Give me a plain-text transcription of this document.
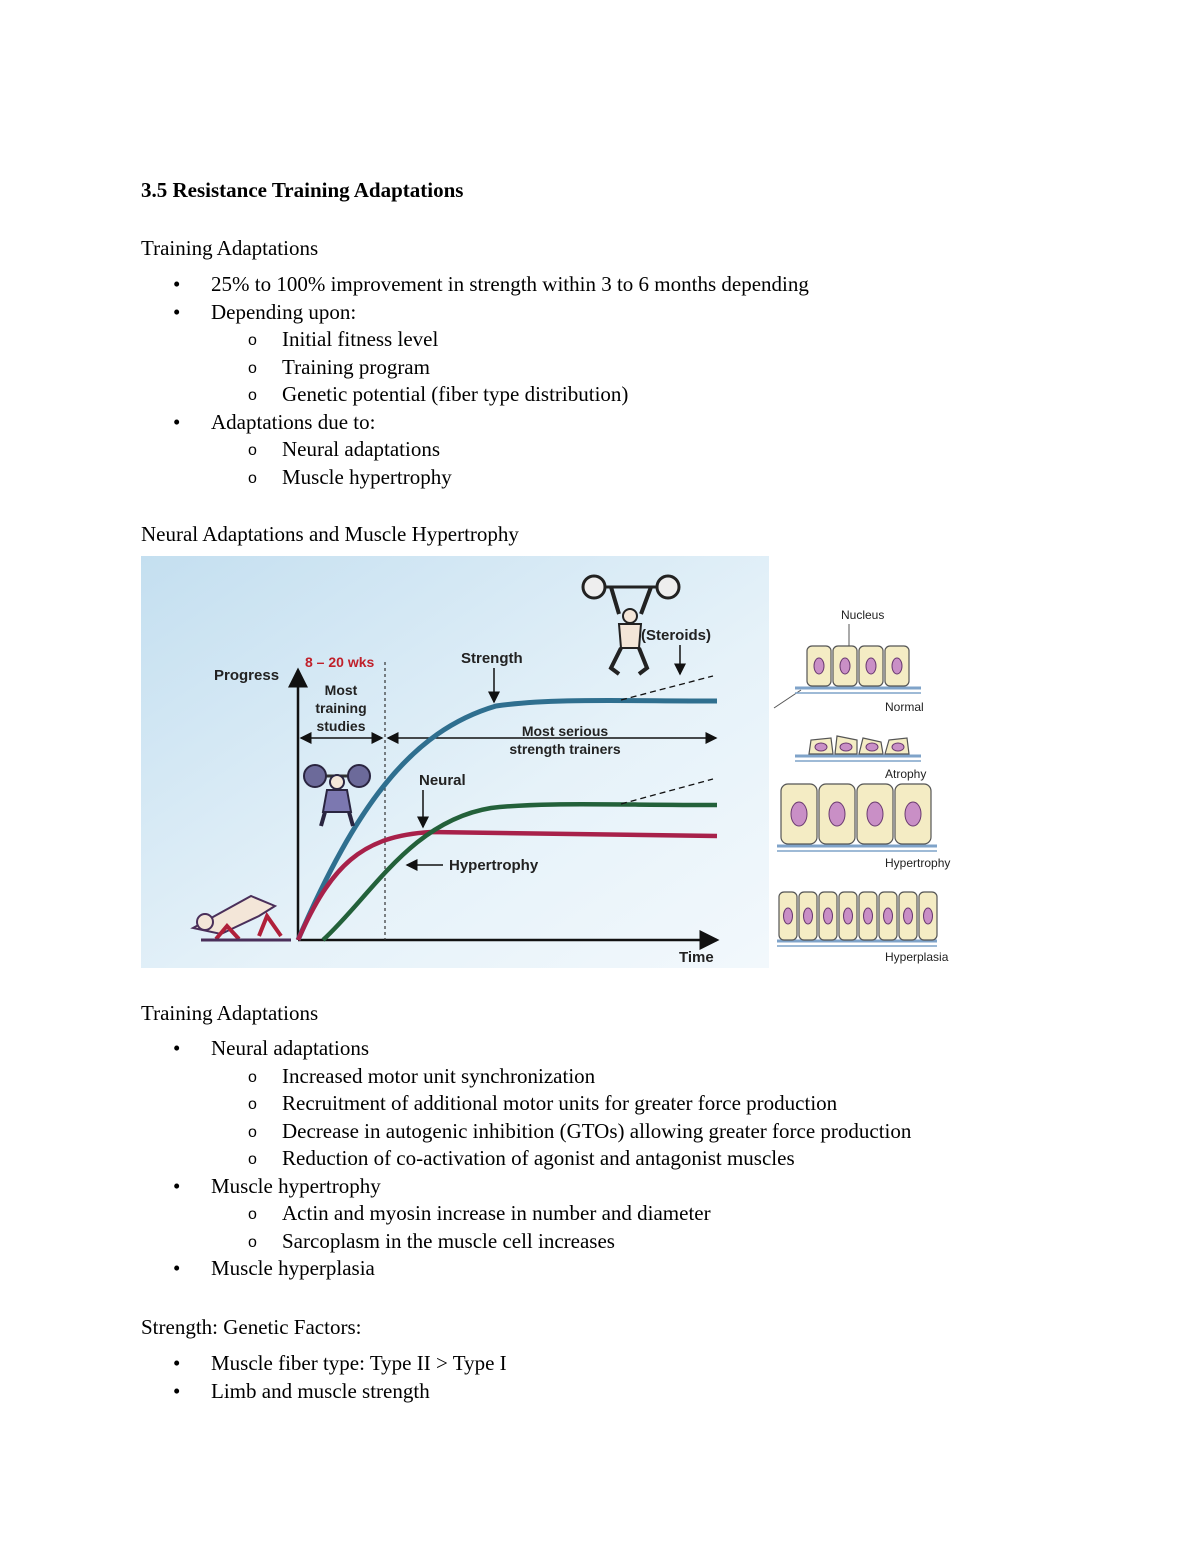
3.5 Resistance Training Adaptations
Training Adaptations
• 25% to 100% improvement in strength within 3 to 6 months depending
• Depending upon:
o Initial fitness level
o Training program
o Genetic potential (fiber type distribution)
• Adaptations due to:
o Neural adaptations
o Muscle hypertrophy
Neural Adaptations and Muscle Hypertrophy
Progress
Time
8 – 20 wks
Most
training
studies	Most serious
strength trainers
Strength
Neural
Hypertrophy
(Steroids)
Nucleus
Normal
Atrophy
Hypertrophy
Hyperplasia
Training Adaptations
• Neural adaptations
o Increased motor unit synchronization
o Recruitment of additional motor units for greater force production
o Decrease in autogenic inhibition (GTOs) allowing greater force production
o Reduction of co-activation of agonist and antagonist muscles
• Muscle hypertrophy
o Actin and myosin increase in number and diameter
o Sarcoplasm in the muscle cell increases
• Muscle hyperplasia
Strength: Genetic Factors:
• Muscle fiber type: Type II > Type I
• Limb and muscle strength
